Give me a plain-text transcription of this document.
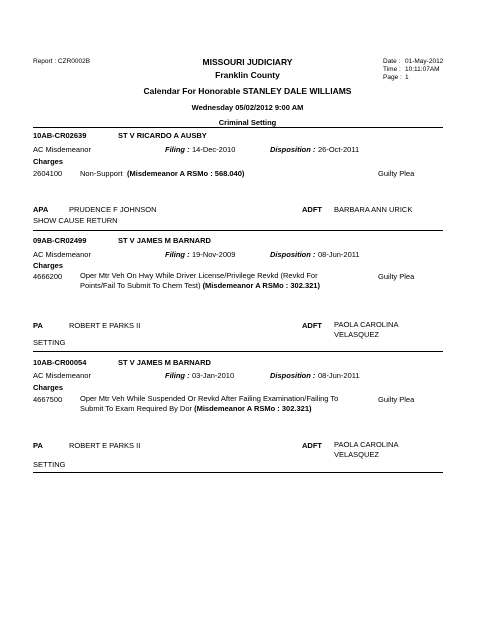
Report : CZR0002B	MISSOURI JUDICIARY
Franklin County
Calendar For Honorable STANLEY DALE WILLIAMS
Date : 01-May-2012
Time : 10:11:07AM
Page : 1
Wednesday 05/02/2012 9:00 AM
Criminal Setting
10AB-CR02639	ST V RICARDO A AUSBY
AC Misdemeanor	Filing : 14-Dec-2010	Disposition : 26-Oct-2011
Charges
2604100 Non-Support (Misdemeanor A RSMo : 568.040)	Guilty Plea
APA	PRUDENCE F JOHNSON	ADFT BARBARA ANN URICK
SHOW CAUSE RETURN
09AB-CR02499	ST V JAMES M BARNARD
AC Misdemeanor	Filing : 19-Nov-2009	Disposition : 08-Jun-2011
Charges
4666200 Oper Mtr Veh On Hwy While Driver License/Privilege Revkd (Revkd For Points/Fail To Submit To Chem Test) (Misdemeanor A RSMo : 302.321)
Guilty Plea
PA	ROBERT E PARKS II	ADFT PAOLA CAROLINA VELASQUEZ
SETTING
10AB-CR00054	ST V JAMES M BARNARD
AC Misdemeanor	Filing : 03-Jan-2010	Disposition : 08-Jun-2011
Charges
4667500 Oper Mtr Veh While Suspended Or Revkd After Failing Examination/Failing To Submit To Exam Required By Dor (Misdemeanor A RSMo : 302.321)
Guilty Plea
PA	ROBERT E PARKS II	ADFT PAOLA CAROLINA VELASQUEZ
SETTING
